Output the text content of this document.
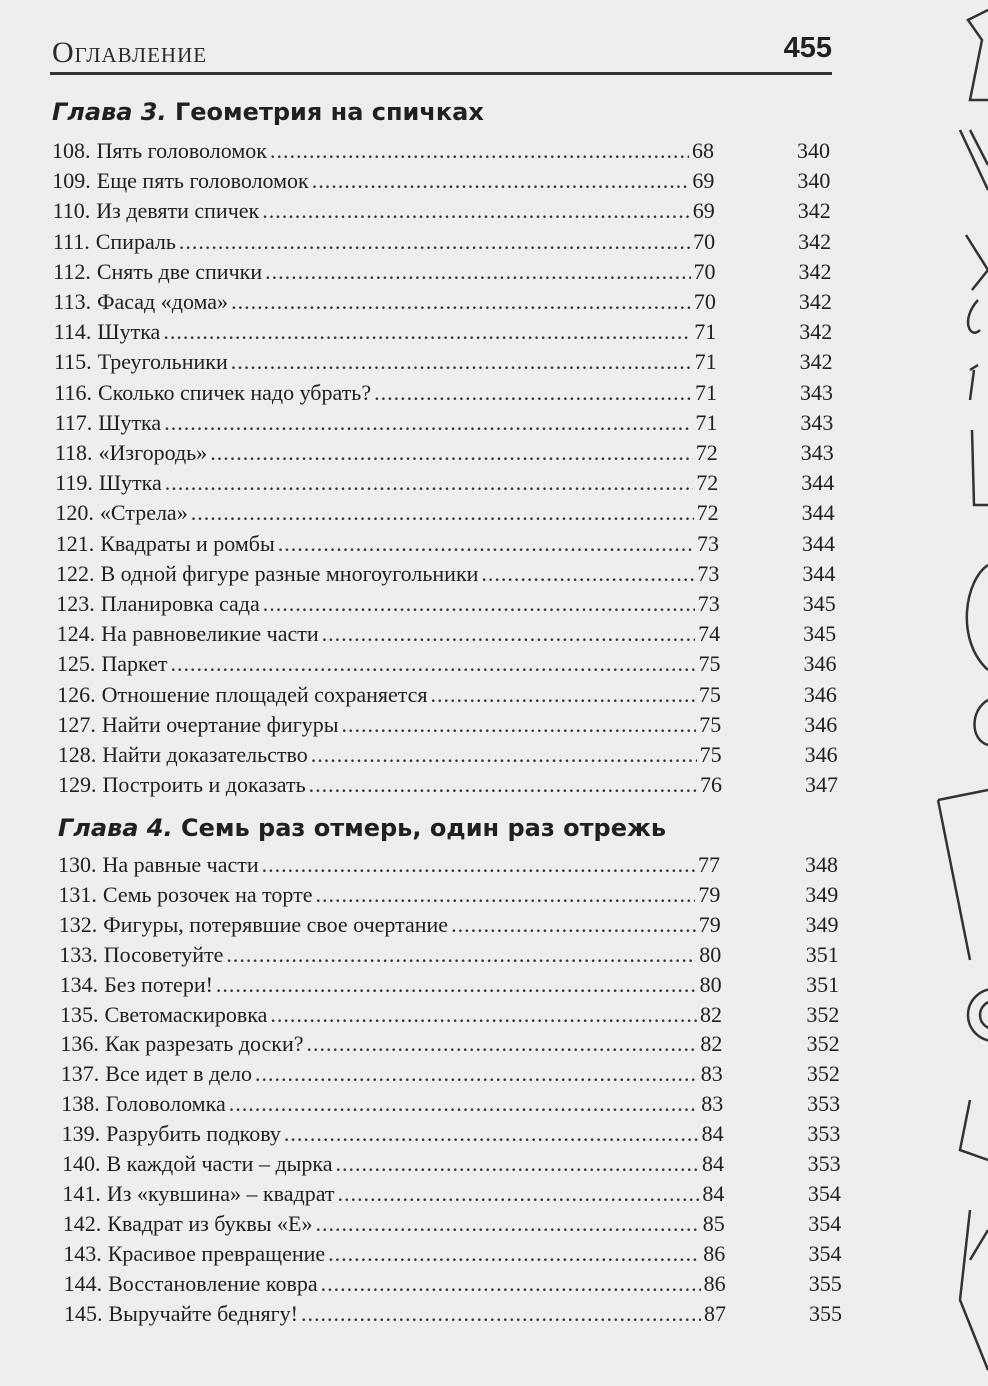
Оглавление	455
Глава 3. Геометрия на спичках
108. Пять головоломок .....	68	340
109. Еще пять головоломок .....	69	340
110. Из девяти спичек .....	69	342
111. Спираль .....	70	342
112. Снять две спички .....	70	342
113. Фасад «дома» .....	70	342
114. Шутка .....	71	342
115. Треугольники .....	71	342
116. Сколько спичек надо убрать? .....	71	343
117. Шутка .....	71	343
118. «Изгородь» .....	72	343
119. Шутка .....	72	344
120. «Стрела» .....	72	344
121. Квадраты и ромбы .....	73	344
122. В одной фигуре разные многоугольники .....	73	344
123. Планировка сада .....	73	345
124. На равновеликие части .....	74	345
125. Паркет .....	75	346
126. Отношение площадей сохраняется .....	75	346
127. Найти очертание фигуры .....	75	346
128. Найти доказательство .....	75	346
129. Построить и доказать .....	76	347
Глава 4. Семь раз отмерь, один раз отрежь
130. На равные части .....	77	348
131. Семь розочек на торте .....	79	349
132. Фигуры, потерявшие свое очертание .....	79	349
133. Посоветуйте .....	80	351
134. Без потери! .....	80	351
135. Светомаскировка .....	82	352
136. Как разрезать доски? .....	82	352
137. Все идет в дело .....	83	352
138. Головоломка .....	83	353
139. Разрубить подкову .....	84	353
140. В каждой части – дырка .....	84	353
141. Из «кувшина» – квадрат .....	84	354
142. Квадрат из буквы «Е» .....	85	354
143. Красивое превращение .....	86	354
144. Восстановление ковра .....	86	355
145. Выручайте беднягу! .....	87	355
